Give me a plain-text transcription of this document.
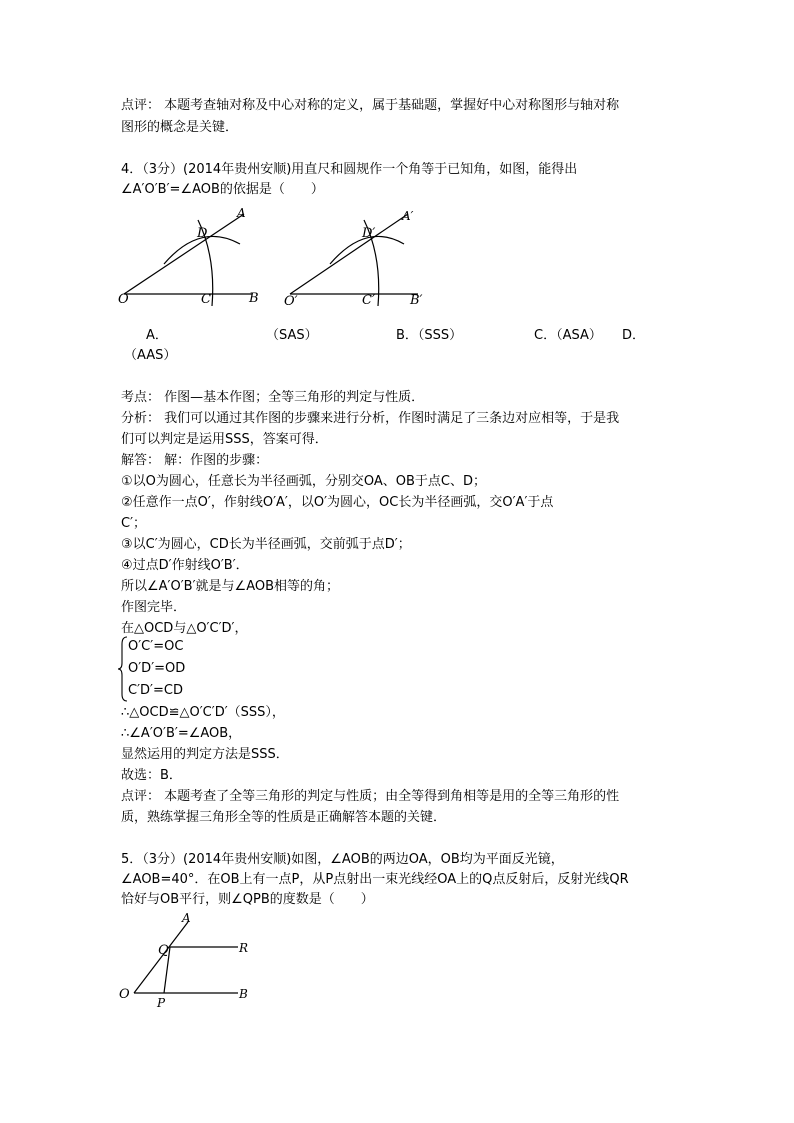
点评： 本题考查轴对称及中心对称的定义，属于基础题，掌握好中心对称图形与轴对称
图形的概念是关键．
4．（3分）(2014年贵州安顺)用直尺和圆规作一个角等于已知角，如图，能得出
∠A′O′B′=∠AOB的依据是（　　）
O	C	B
D
A
O′	C′	B′
D′
A′
A．	（SAS）	B．（SSS）	C．（ASA） D．
（AAS）
考点： 作图—基本作图；全等三角形的判定与性质．
分析： 我们可以通过其作图的步骤来进行分析，作图时满足了三条边对应相等，于是我
们可以判定是运用SSS，答案可得．
解答： 解：作图的步骤：
①以O为圆心，任意长为半径画弧，分别交OA、OB于点C、D；
②任意作一点O′，作射线O′A′，以O′为圆心，OC长为半径画弧，交O′A′于点
C′；
③以C′为圆心，CD长为半径画弧，交前弧于点D′；
④过点D′作射线O′B′．
所以∠A′O′B′就是与∠AOB相等的角；
作图完毕．
在△OCD与△O′C′D′，
O′C′=OC
O′D′=OD
C′D′=CD
∴△OCD≌△O′C′D′（SSS），
∴∠A′O′B′=∠AOB，
显然运用的判定方法是SSS．
故选：B．
点评： 本题考查了全等三角形的判定与性质；由全等得到角相等是用的全等三角形的性
质，熟练掌握三角形全等的性质是正确解答本题的关键．
5．（3分）(2014年贵州安顺)如图，∠AOB的两边OA，OB均为平面反光镜，
∠AOB=40°．在OB上有一点P，从P点射出一束光线经OA上的Q点反射后，反射光线QR
恰好与OB平行，则∠QPB的度数是（　　）
A
Q	R
O
P
B
